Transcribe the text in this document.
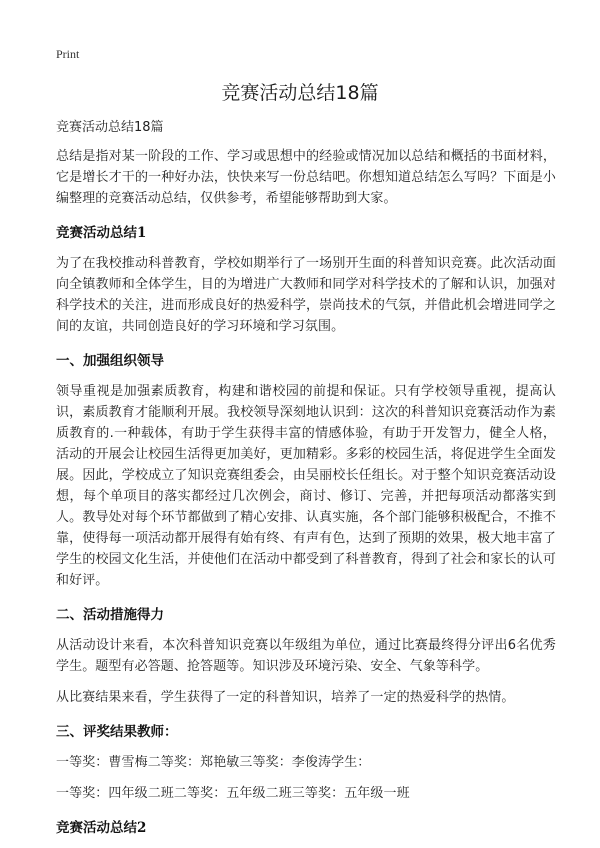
Print
竞赛活动总结18篇
竞赛活动总结18篇

总结是指对某一阶段的工作、学习或思想中的经验或情况加以总结和概括的书面材料，它是增长才干的一种好办法，快快来写一份总结吧。你想知道总结怎么写吗？下面是小编整理的竞赛活动总结，仅供参考，希望能够帮助到大家。

竞赛活动总结1

为了在我校推动科普教育，学校如期举行了一场别开生面的科普知识竞赛。此次活动面向全镇教师和全体学生，目的为增进广大教师和同学对科学技术的了解和认识，加强对科学技术的关注，进而形成良好的热爱科学，崇尚技术的气氛，并借此机会增进同学之间的友谊，共同创造良好的学习环境和学习氛围。

一、加强组织领导

领导重视是加强素质教育，构建和谐校园的前提和保证。只有学校领导重视，提高认识，素质教育才能顺利开展。我校领导深刻地认识到：这次的科普知识竞赛活动作为素质教育的.一种载体，有助于学生获得丰富的情感体验，有助于开发智力，健全人格，活动的开展会让校园生活得更加美好，更加精彩。多彩的校园生活，将促进学生全面发展。因此，学校成立了知识竞赛组委会，由吴丽校长任组长。对于整个知识竞赛活动设想，每个单项目的落实都经过几次例会，商讨、修订、完善，并把每项活动都落实到人。教导处对每个环节都做到了精心安排、认真实施，各个部门能够积极配合，不推不靠，使得每一项活动都开展得有始有终、有声有色，达到了预期的效果，极大地丰富了学生的校园文化生活，并使他们在活动中都受到了科普教育，得到了社会和家长的认可和好评。

二、活动措施得力

从活动设计来看，本次科普知识竞赛以年级组为单位，通过比赛最终得分评出6名优秀学生。题型有必答题、抢答题等。知识涉及环境污染、安全、气象等科学。

从比赛结果来看，学生获得了一定的科普知识，培养了一定的热爱科学的热情。

三、评奖结果教师：

一等奖：曹雪梅二等奖：郑艳敏三等奖：李俊涛学生：

一等奖：四年级二班二等奖：五年级二班三等奖：五年级一班

竞赛活动总结2
